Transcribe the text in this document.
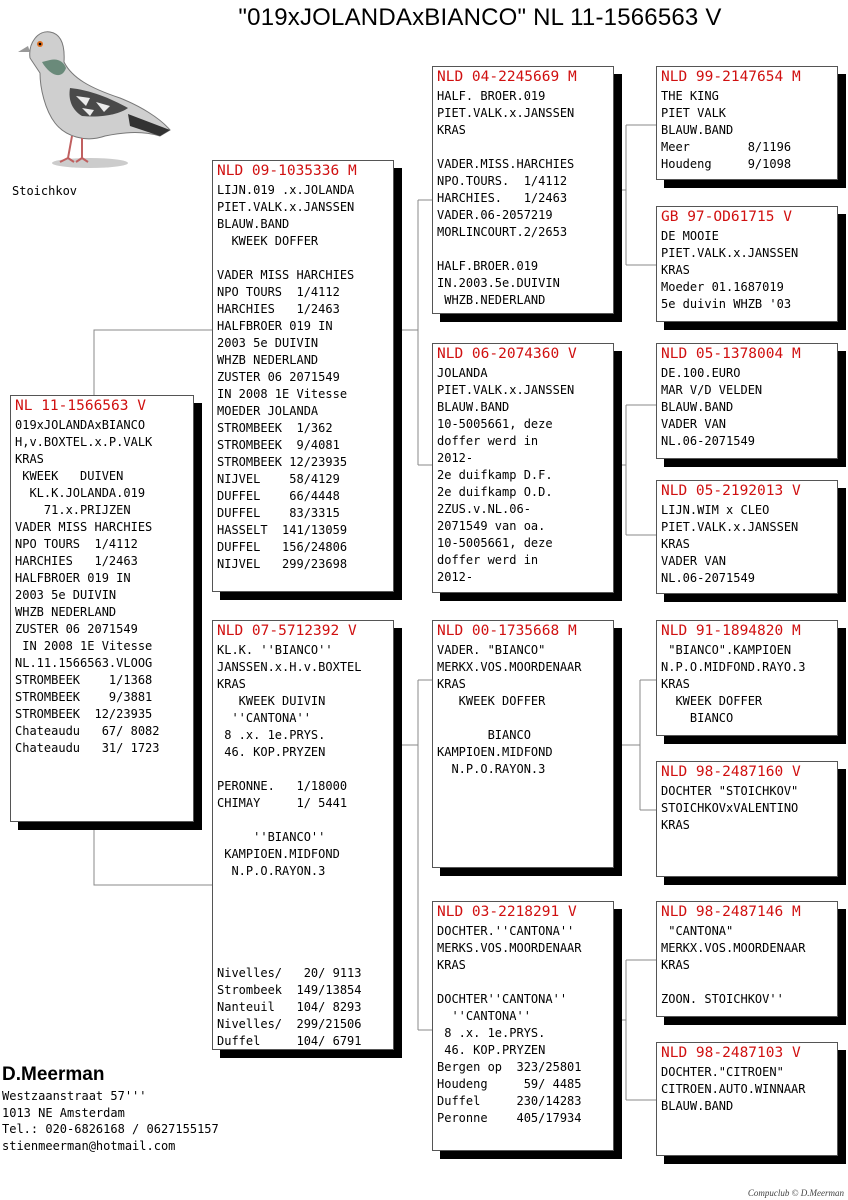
"019xJOLANDAxBIANCO" NL 11-1566563 V
Stoichkov
NL 11-1566563 V
019xJOLANDAxBIANCO
H,v.BOXTEL.x.P.VALK
KRAS
KWEEK   DUIVEN
KL.K.JOLANDA.019
71.x.PRIJZEN
VADER MISS HARCHIES
NPO TOURS  1/4112
HARCHIES   1/2463
HALFBROER 019 IN
2003 5e DUIVIN
WHZB NEDERLAND
ZUSTER 06 2071549
IN 2008 1E Vitesse
NL.11.1566563.VLOOG
STROMBEEK    1/1368
STROMBEEK    9/3881
STROMBEEK  12/23935
Chateaudu   67/ 8082
Chateaudu   31/ 1723
NLD 09-1035336 M
LIJN.019 .x.JOLANDA
PIET.VALK.x.JANSSEN
BLAUW.BAND
KWEEK DOFFER

VADER MISS HARCHIES
NPO TOURS  1/4112
HARCHIES   1/2463
HALFBROER 019 IN
2003 5e DUIVIN
WHZB NEDERLAND
ZUSTER 06 2071549
IN 2008 1E Vitesse
MOEDER JOLANDA
STROMBEEK  1/362
STROMBEEK  9/4081
STROMBEEK 12/23935
NIJVEL    58/4129
DUFFEL    66/4448
DUFFEL    83/3315
HASSELT  141/13059
DUFFEL   156/24806
NIJVEL   299/23698
NLD 07-5712392 V
KL.K. ''BIANCO''
JANSSEN.x.H.v.BOXTEL
KRAS
KWEEK DUIVIN
''CANTONA''
8 .x. 1e.PRYS.
46. KOP.PRYZEN

PERONNE.   1/18000
CHIMAY     1/ 5441

''BIANCO''
KAMPIOEN.MIDFOND
N.P.O.RAYON.3

Nivelles/   20/ 9113
Strombeek  149/13854
Nanteuil   104/ 8293
Nivelles/  299/21506
Duffel     104/ 6791
NLD 04-2245669 M
HALF. BROER.019
PIET.VALK.x.JANSSEN
KRAS

VADER.MISS.HARCHIES
NPO.TOURS.  1/4112
HARCHIES.   1/2463
VADER.06-2057219
MORLINCOURT.2/2653

HALF.BROER.019
IN.2003.5e.DUIVIN
WHZB.NEDERLAND
NLD 06-2074360 V
JOLANDA
PIET.VALK.x.JANSSEN
BLAUW.BAND
10-5005661, deze
doffer werd in
2012-
2e duifkamp D.F.
2e duifkamp O.D.
2ZUS.v.NL.06-
2071549 van oa.
10-5005661, deze
doffer werd in
2012-
NLD 00-1735668 M
VADER. "BIANCO"
MERKX.VOS.MOORDENAAR
KRAS
KWEEK DOFFER

BIANCO
KAMPIOEN.MIDFOND
N.P.O.RAYON.3
NLD 03-2218291 V
DOCHTER.''CANTONA''
MERKS.VOS.MOORDENAAR
KRAS

DOCHTER''CANTONA''
''CANTONA''
8 .x. 1e.PRYS.
46. KOP.PRYZEN
Bergen op  323/25801
Houdeng     59/ 4485
Duffel     230/14283
Peronne    405/17934
NLD 99-2147654 M
THE KING
PIET VALK
BLAUW.BAND
Meer        8/1196
Houdeng     9/1098
GB 97-OD61715 V
DE MOOIE
PIET.VALK.x.JANSSEN
KRAS
Moeder 01.1687019
5e duivin WHZB '03
NLD 05-1378004 M
DE.100.EURO
MAR V/D VELDEN
BLAUW.BAND
VADER VAN
NL.06-2071549
NLD 05-2192013 V
LIJN.WIM x CLEO
PIET.VALK.x.JANSSEN
KRAS
VADER VAN
NL.06-2071549
NLD 91-1894820 M
"BIANCO".KAMPIOEN
N.P.O.MIDFOND.RAYO.3
KRAS
KWEEK DOFFER
BIANCO
NLD 98-2487160 V
DOCHTER "STOICHKOV"
STOICHKOVxVALENTINO
KRAS
NLD 98-2487146 M
"CANTONA"
MERKX.VOS.MOORDENAAR
KRAS

ZOON. STOICHKOV''
NLD 98-2487103 V
DOCHTER."CITROEN"
CITROEN.AUTO.WINNAAR
BLAUW.BAND
D.Meerman
Westzaanstraat 57'''
1013 NE Amsterdam
Tel.: 020-6826168 / 0627155157
stienmeerman@hotmail.com
Compuclub © D.Meerman
